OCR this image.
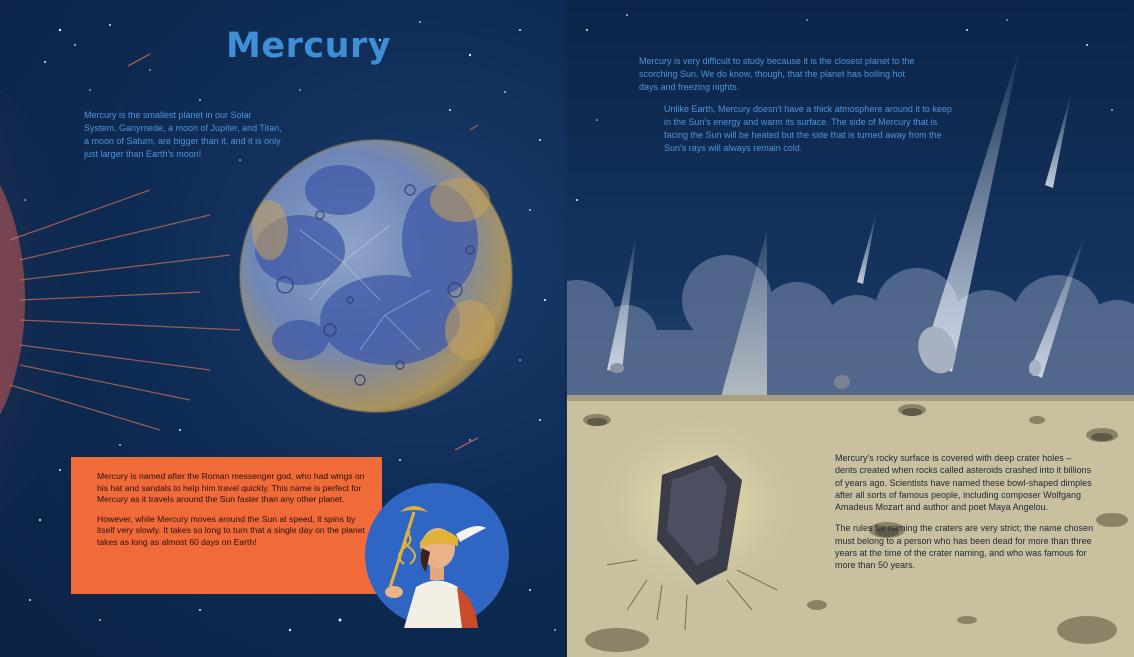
Mercury

Mercury is the smallest planet in our Solar System. Ganymede, a moon of Jupiter, and Titan, a moon of Saturn, are bigger than it, and it is only just larger than Earth's moon!

Mercury is named after the Roman messenger god, who had wings on his hat and sandals to help him travel quickly. This name is perfect for Mercury as it travels around the Sun faster than any other planet.

However, while Mercury moves around the Sun at speed, it spins by itself very slowly. It takes so long to turn that a single day on the planet takes as long as almost 60 days on Earth!

Mercury is very difficult to study because it is the closest planet to the scorching Sun. We do know, though, that the planet has boiling hot days and freezing nights.

Unlike Earth, Mercury doesn't have a thick atmosphere around it to keep in the Sun's energy and warm its surface. The side of Mercury that is facing the Sun will be heated but the side that is turned away from the Sun's rays will always remain cold.

Mercury's rocky surface is covered with deep crater holes – dents created when rocks called asteroids crashed into it billions of years ago. Scientists have named these bowl-shaped dimples after all sorts of famous people, including composer Wolfgang Amadeus Mozart and author and poet Maya Angelou.

The rules for naming the craters are very strict; the name chosen must belong to a person who has been dead for more than three years at the time of the crater naming, and who was famous for more than 50 years.
